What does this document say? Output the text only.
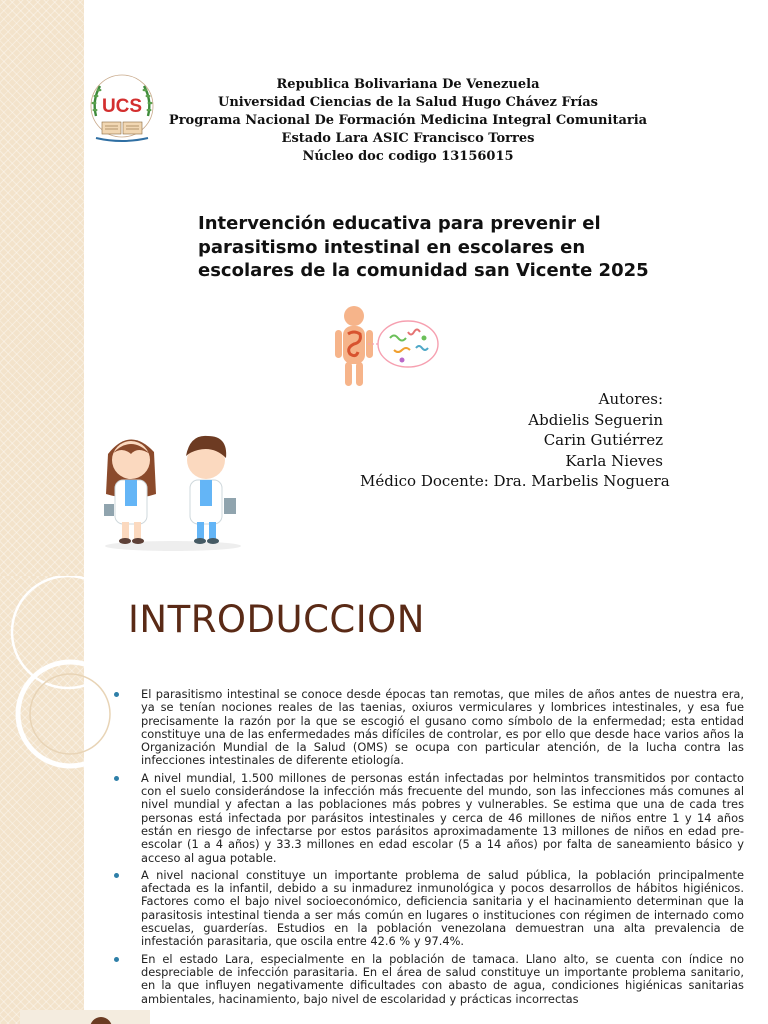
UCS
Republica Bolivariana De Venezuela
Universidad Ciencias de la Salud Hugo Chávez Frías
Programa Nacional De Formación Medicina Integral Comunitaria
Estado Lara ASIC Francisco Torres
Núcleo doc codigo 13156015
Intervención educativa para prevenir el parasitismo intestinal en escolares en escolares de la comunidad san Vicente 2025
Autores:
Abdielis Seguerin
Carin Gutiérrez
Karla Nieves
Médico Docente: Dra. Marbelis Noguera
INTRODUCCION
El parasitismo intestinal se conoce desde épocas tan remotas, que miles de años antes de nuestra era, ya se tenían nociones reales de las taenias, oxiuros vermiculares y lombrices intestinales, y esa fue precisamente la razón por la que se escogió el gusano como símbolo de la enfermedad; esta entidad constituye una de las enfermedades más difíciles de controlar, es por ello que desde hace varios años la Organización Mundial de la Salud (OMS) se ocupa con particular atención, de la lucha contra las infecciones intestinales de diferente etiología.
A nivel mundial, 1.500 millones de personas están infectadas por helmintos transmitidos por contacto con el suelo considerándose la infección más frecuente del mundo, son las infecciones más comunes al nivel mundial y afectan a las poblaciones más pobres y vulnerables. Se estima que una de cada tres personas está infectada por parásitos intestinales y cerca de 46 millones de niños entre 1 y 14 años están en riesgo de infectarse por estos parásitos aproximadamente 13 millones de niños en edad pre-escolar (1 a 4 años) y 33.3 millones en edad escolar (5 a 14 años) por falta de saneamiento básico y acceso al agua potable.
A nivel nacional constituye un importante problema de salud pública, la población principalmente afectada es la infantil, debido a su inmadurez inmunológica y pocos desarrollos de hábitos higiénicos. Factores como el bajo nivel socioeconómico, deficiencia sanitaria y el hacinamiento determinan que la parasitosis intestinal tienda a ser más común en lugares o instituciones con régimen de internado como escuelas, guarderías. Estudios en la población venezolana demuestran una alta prevalencia de infestación parasitaria, que oscila entre 42.6 % y 97.4%.
En el estado Lara, especialmente en la población de tamaca. Llano alto, se cuenta con índice no despreciable de infección parasitaria. En el área de salud constituye un importante problema sanitario, en la que influyen negativamente dificultades con abasto de agua, condiciones higiénicas sanitarias ambientales, hacinamiento, bajo nivel de escolaridad y prácticas incorrectas
